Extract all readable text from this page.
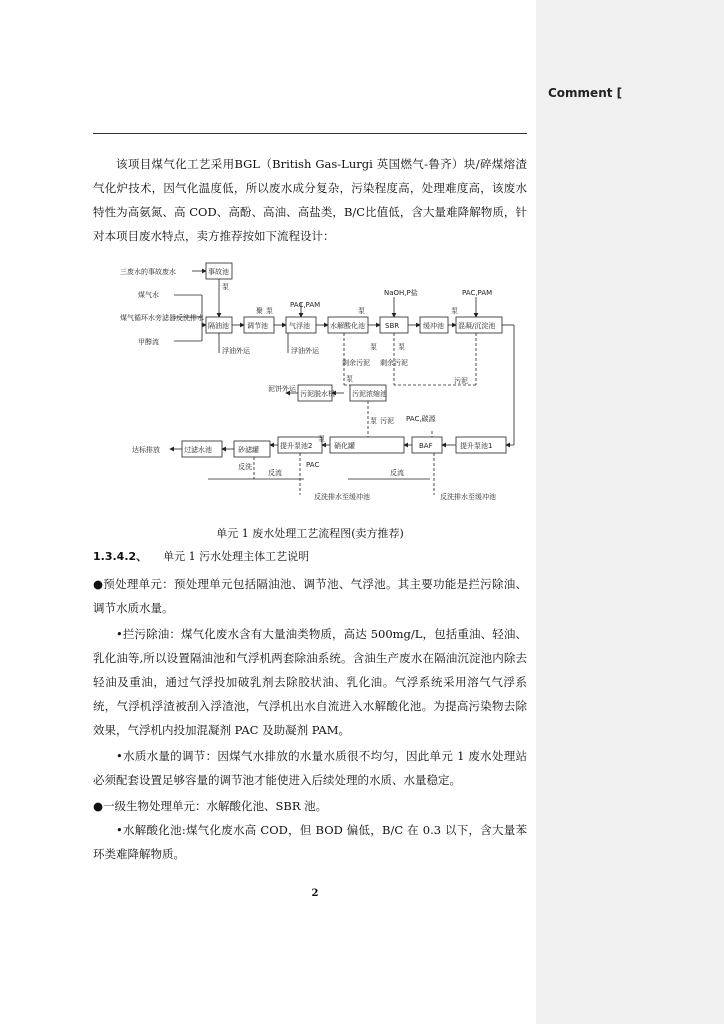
Comment [

该项目煤气化工艺采用BGL（British Gas-Lurgi 英国燃气-鲁齐）块/碎煤熔渣气化炉技术，因气化温度低，所以废水成分复杂，污染程度高，处理难度高，该废水特性为高氨氮、高 COD、高酚、高油、高盐类，B/C比值低，含大量难降解物质，针对本项目废水特点，卖方推荐按如下流程设计：

三废水的事故废水
煤气水
煤气循环水旁滤器反洗排水
甲醇流
事故池
隔油池	调节池	气浮池	水解酸化池	SBR	缓冲池 混凝/沉淀池
污泥浓缩池
污泥脱水机
过滤水池	砂滤罐	提升泵池2	硝化罐	BAF	提升泵池1
泵
泵	泵	泵
泵	泵
泵
泵
泵
剩余污泥 剩余污泥
污泥
污泥
浮油外运	浮油外运
泥饼外运
反流	反流
反洗
PAC,PAM
NaOH,P盐	PAC,PAM
PAC,碳源
PAC
聚
达标排放
反洗排水至缓冲池	反洗排水至缓冲池
单元 1 废水处理工艺流程图(卖方推荐)
1.3.4.2、 单元 1 污水处理主体工艺说明

●预处理单元：预处理单元包括隔油池、调节池、气浮池。其主要功能是拦污除油、调节水质水量。

•拦污除油：煤气化废水含有大量油类物质，高达 500mg/L，包括重油、轻油、乳化油等,所以设置隔油池和气浮机两套除油系统。含油生产废水在隔油沉淀池内除去轻油及重油，通过气浮投加破乳剂去除胶状油、乳化油。气浮系统采用溶气气浮系统，气浮机浮渣被刮入浮渣池，气浮机出水自流进入水解酸化池。为提高污染物去除效果，气浮机内投加混凝剂 PAC 及助凝剂 PAM。

•水质水量的调节：因煤气水排放的水量水质很不均匀，因此单元 1 废水处理站必须配套设置足够容量的调节池才能使进入后续处理的水质、水量稳定。

●一级生物处理单元：水解酸化池、SBR 池。

•水解酸化池:煤气化废水高 COD，但 BOD 偏低，B/C 在 0.3 以下，含大量苯环类难降解物质。

2
